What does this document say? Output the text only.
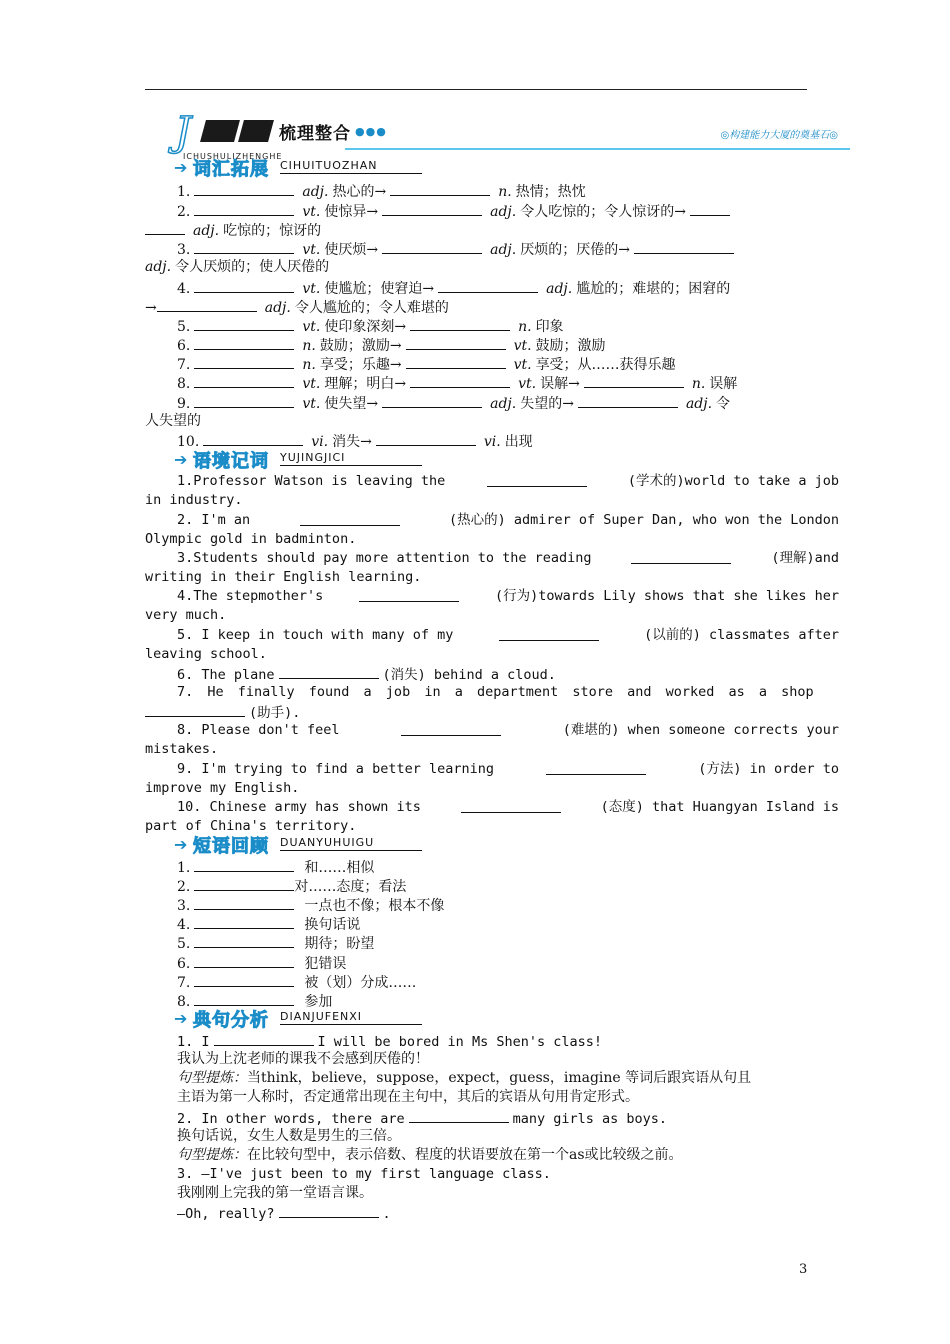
J	梳理整合 ●●●	◎构建能力大厦的奠基石◎
ICHUSHULIZHENGHE
➔ 词汇拓展 CIHUITUOZHAN
1.	adj. 热心的→	n. 热情；热忱
2.	vt. 使惊异→	adj. 令人吃惊的；令人惊讶的→
adj. 吃惊的；惊讶的
3.	vt. 使厌烦→	adj. 厌烦的；厌倦的→
adj. 令人厌烦的；使人厌倦的
4.	vt. 使尴尬；使窘迫→	adj. 尴尬的；难堪的；困窘的
→	adj. 令人尴尬的；令人难堪的
5.	vt. 使印象深刻→	n. 印象
6.	n. 鼓励；激励→	vt. 鼓励；激励
7.	n. 享受；乐趣→	vt. 享受；从……获得乐趣
8.	vt. 理解；明白→	vt. 误解→	n. 误解
9.	vt. 使失望→	adj. 失望的→	adj. 令
人失望的
10.	vi. 消失→	vi. 出现
➔ 语境记词 YUJINGJICI
1.Professor Watson is leaving the	(学术的)world to take a job
in industry.
2. I'm an	(热心的) admirer of Super Dan, who won the London
Olympic gold in badminton.
3.Students should pay more attention to the reading	(理解)and
writing in their English learning.
4.The stepmother's	(行为)towards Lily shows that she likes her
very much.
5. I keep in touch with many of my	(以前的) classmates after
leaving school.
6. The plane	(消失) behind a cloud.
7. He finally found a job in a department store and worked as a shop
(助手).
8. Please don't feel	(难堪的) when someone corrects your
mistakes.
9. I'm trying to find a better learning	(方法) in order to
improve my English.
10. Chinese army has shown its	(态度) that Huangyan Island is
part of China's territory.
➔ 短语回顾 DUANYUHUIGU
1.	和……相似
2.	对……态度；看法
3.	一点也不像；根本不像
4.	换句话说
5.	期待；盼望
6.	犯错误
7.	被（划）分成……
8.	参加
➔ 典句分析 DIANJUFENXI
1. I	I will be bored in Ms Shen's class!
我认为上沈老师的课我不会感到厌倦的！
句型提炼：当think，believe，suppose，expect，guess，imagine 等词后跟宾语从句且
主语为第一人称时，否定通常出现在主句中，其后的宾语从句用肯定形式。
2. In other words, there are	many girls as boys.
换句话说，女生人数是男生的三倍。
句型提炼：在比较句型中，表示倍数、程度的状语要放在第一个as或比较级之前。
3. —I've just been to my first language class.
我刚刚上完我的第一堂语言课。
—Oh, really?	.
3
